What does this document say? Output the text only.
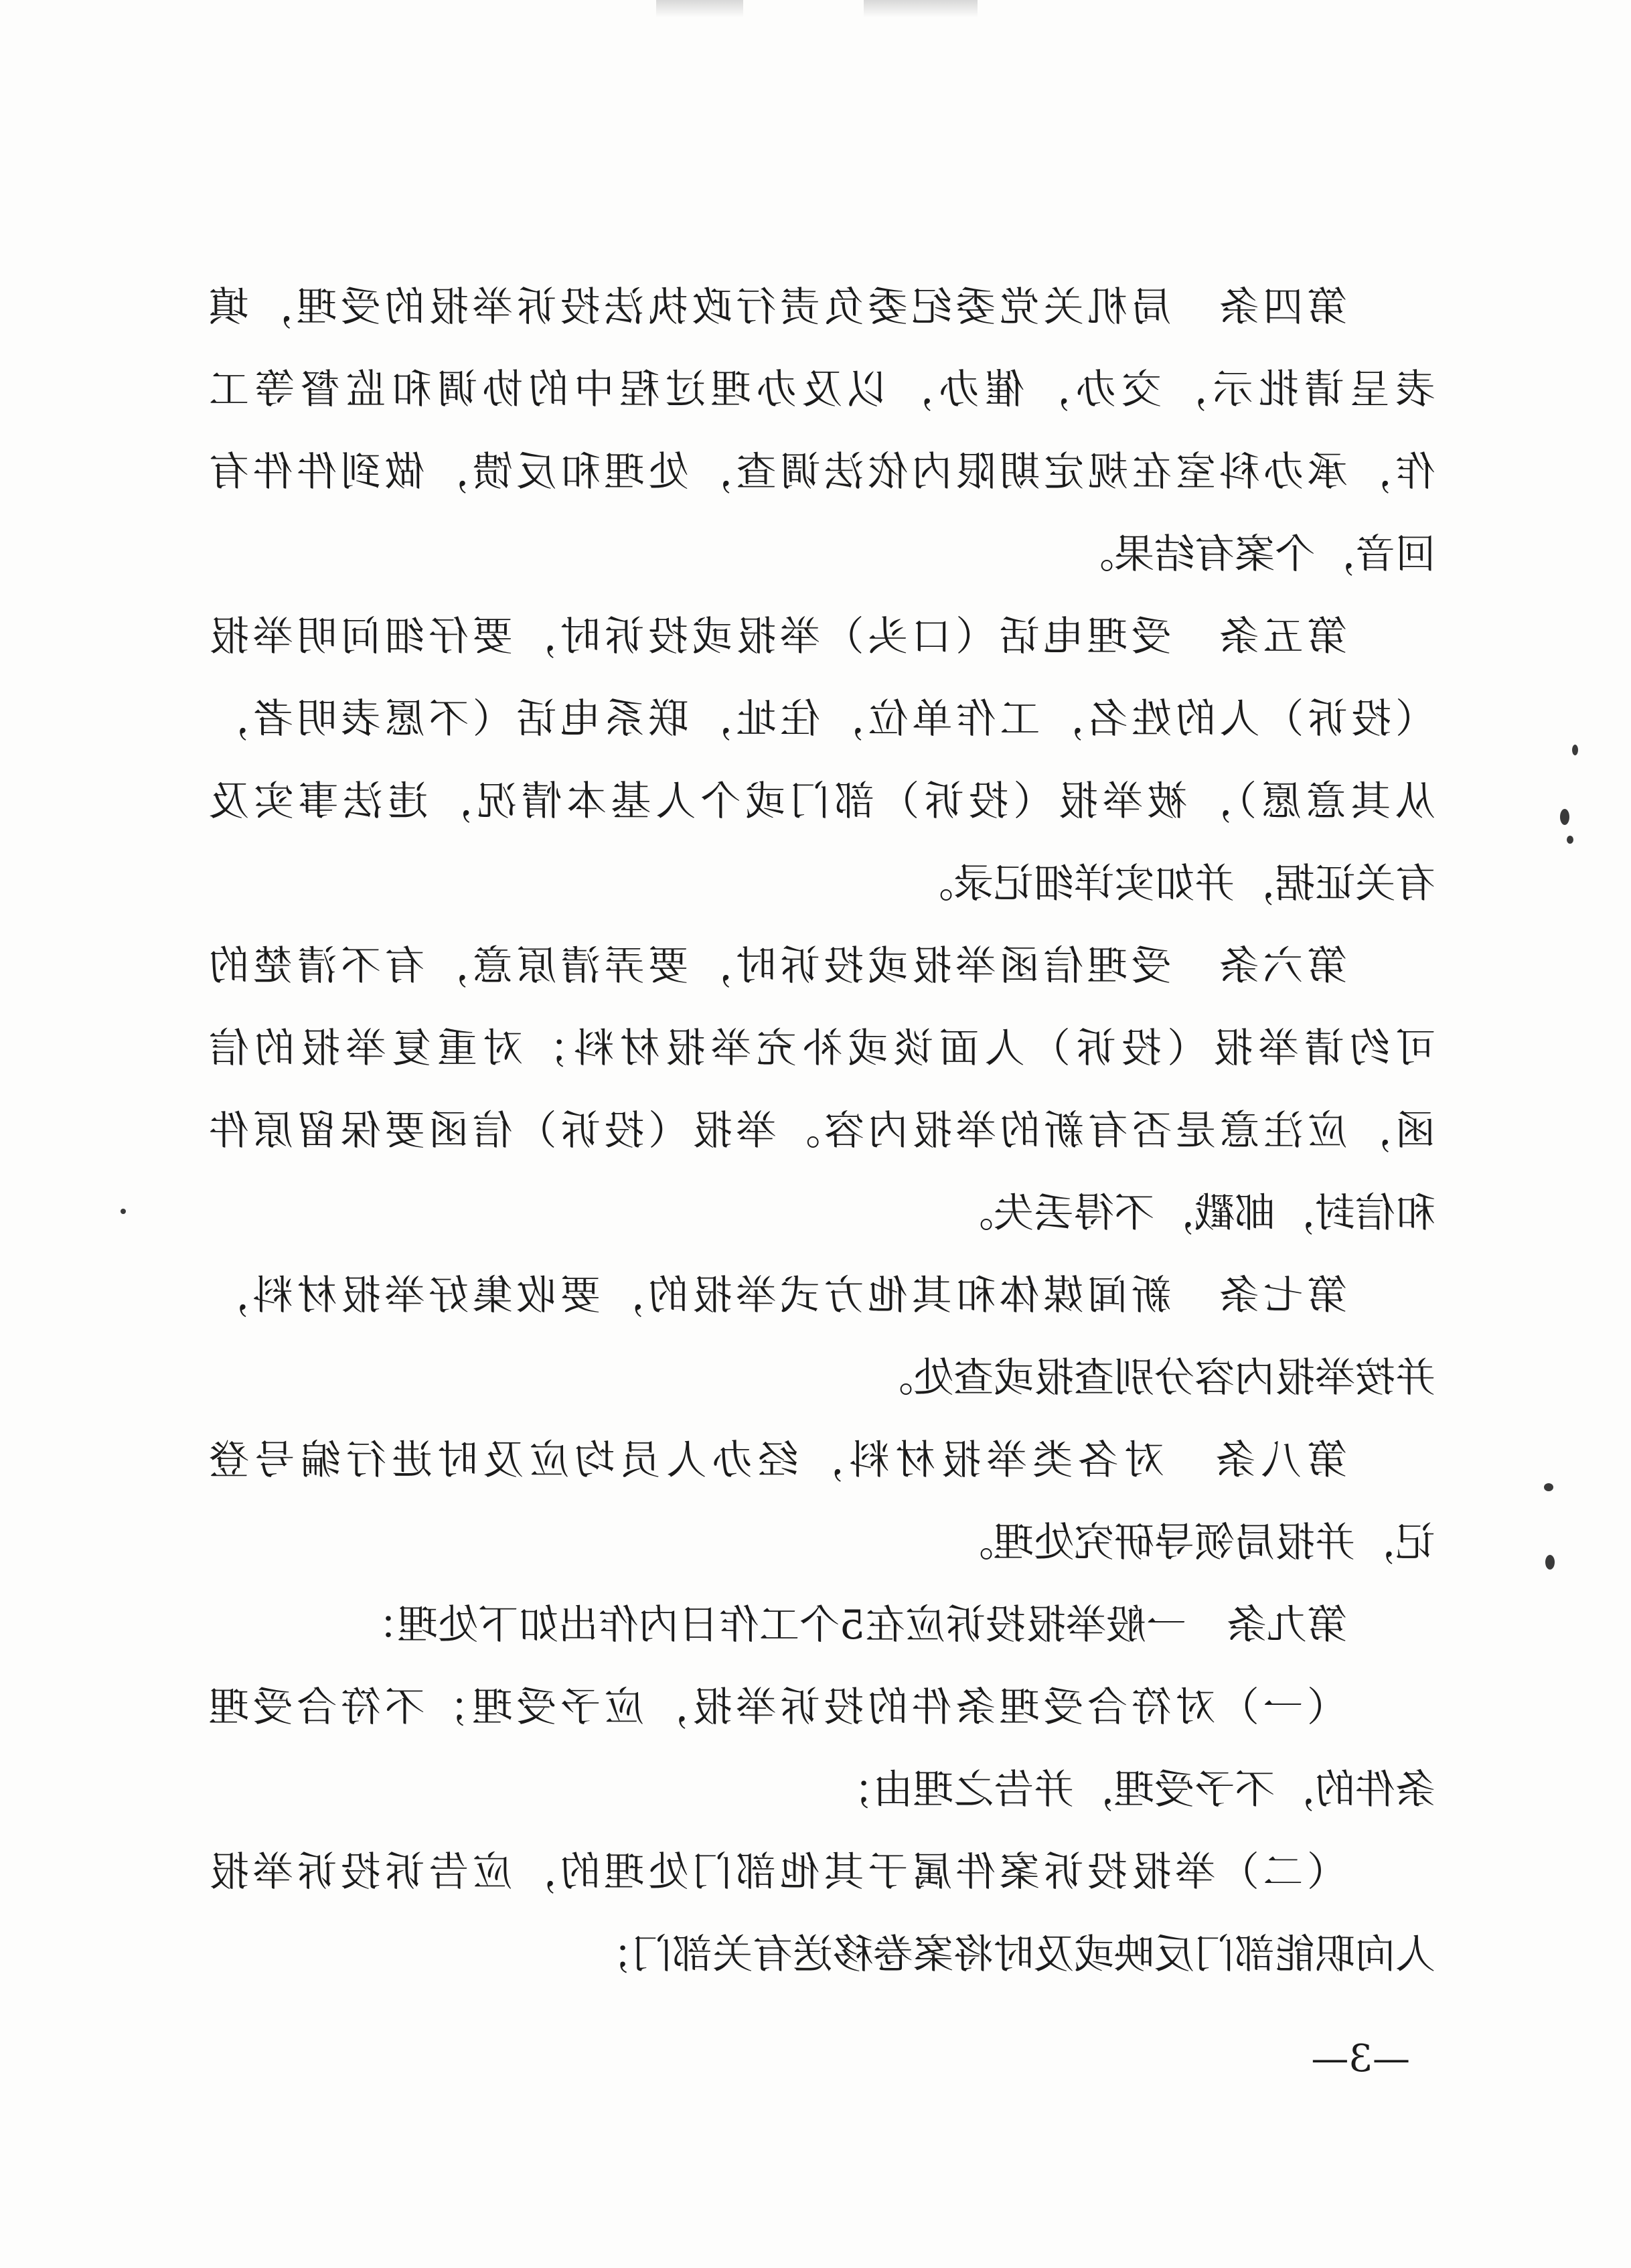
第四条　局机关党委纪委负责行政执法投诉举报的受理，填
表呈请批示，交办，催办，以及办理过程中的协调和监督等工
作，承办科室在规定期限内依法调查，处理和反馈，做到件件有
回音，个案有结果。
第五条　受理电话（口头）举报或投诉时，要仔细问明举报
（投诉）人的姓名，工作单位，住址，联系电话（不愿表明者，
从其意愿），被举报（投诉）部门或个人基本情况，违法事实及
有关证据，并如实详细记录。
第六条　受理信函举报或投诉时，要弄清原意，有不清楚的
可约请举报（投诉）人面谈或补充举报材料；对重复举报的信
函，应注意是否有新的举报内容。举报（投诉）信函要保留原件
和信封，邮戳，不得丢失。
第七条　新闻媒体和其他方式举报的，要收集好举报材料，
并按举报内容分别查报或查处。
第八条　对各类举报材料，经办人员均应及时进行编号登
记，并报局领导研究处理。
第九条　一般举报投诉应在5个工作日内作出如下处理：
（一）对符合受理条件的投诉举报，应予受理；不符合受理
条件的，不予受理，并告之理由；
（二）举报投诉案件属于其他部门处理的，应告诉投诉举报
人向职能部门反映或及时将案卷移送有关部门；
—3—
